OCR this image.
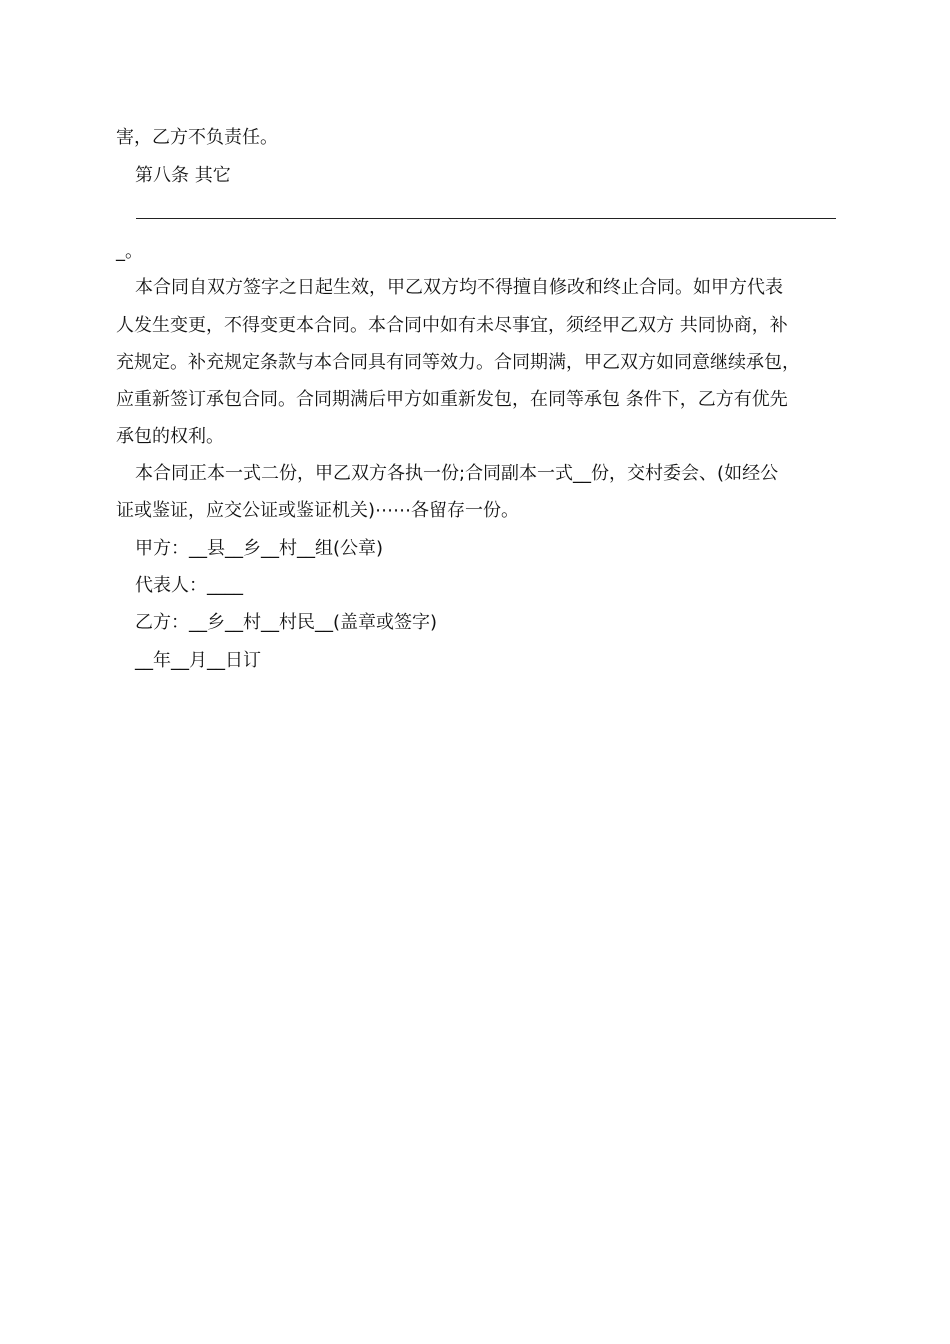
害，乙方不负责任。
第八条 其它
_。
本合同自双方签字之日起生效，甲乙双方均不得擅自修改和终止合同。如甲方代表
人发生变更，不得变更本合同。本合同中如有未尽事宜，须经甲乙双方 共同协商，补
充规定。补充规定条款与本合同具有同等效力。合同期满，甲乙双方如同意继续承包，
应重新签订承包合同。合同期满后甲方如重新发包，在同等承包 条件下，乙方有优先
承包的权利。
本合同正本一式二份，甲乙双方各执一份;合同副本一式__份，交村委会、(如经公
证或鉴证，应交公证或鉴证机关)⋯⋯各留存一份。
甲方：__县__乡__村__组(公章)
代表人：____
乙方：__乡__村__村民__(盖章或签字)
__年__月__日订
